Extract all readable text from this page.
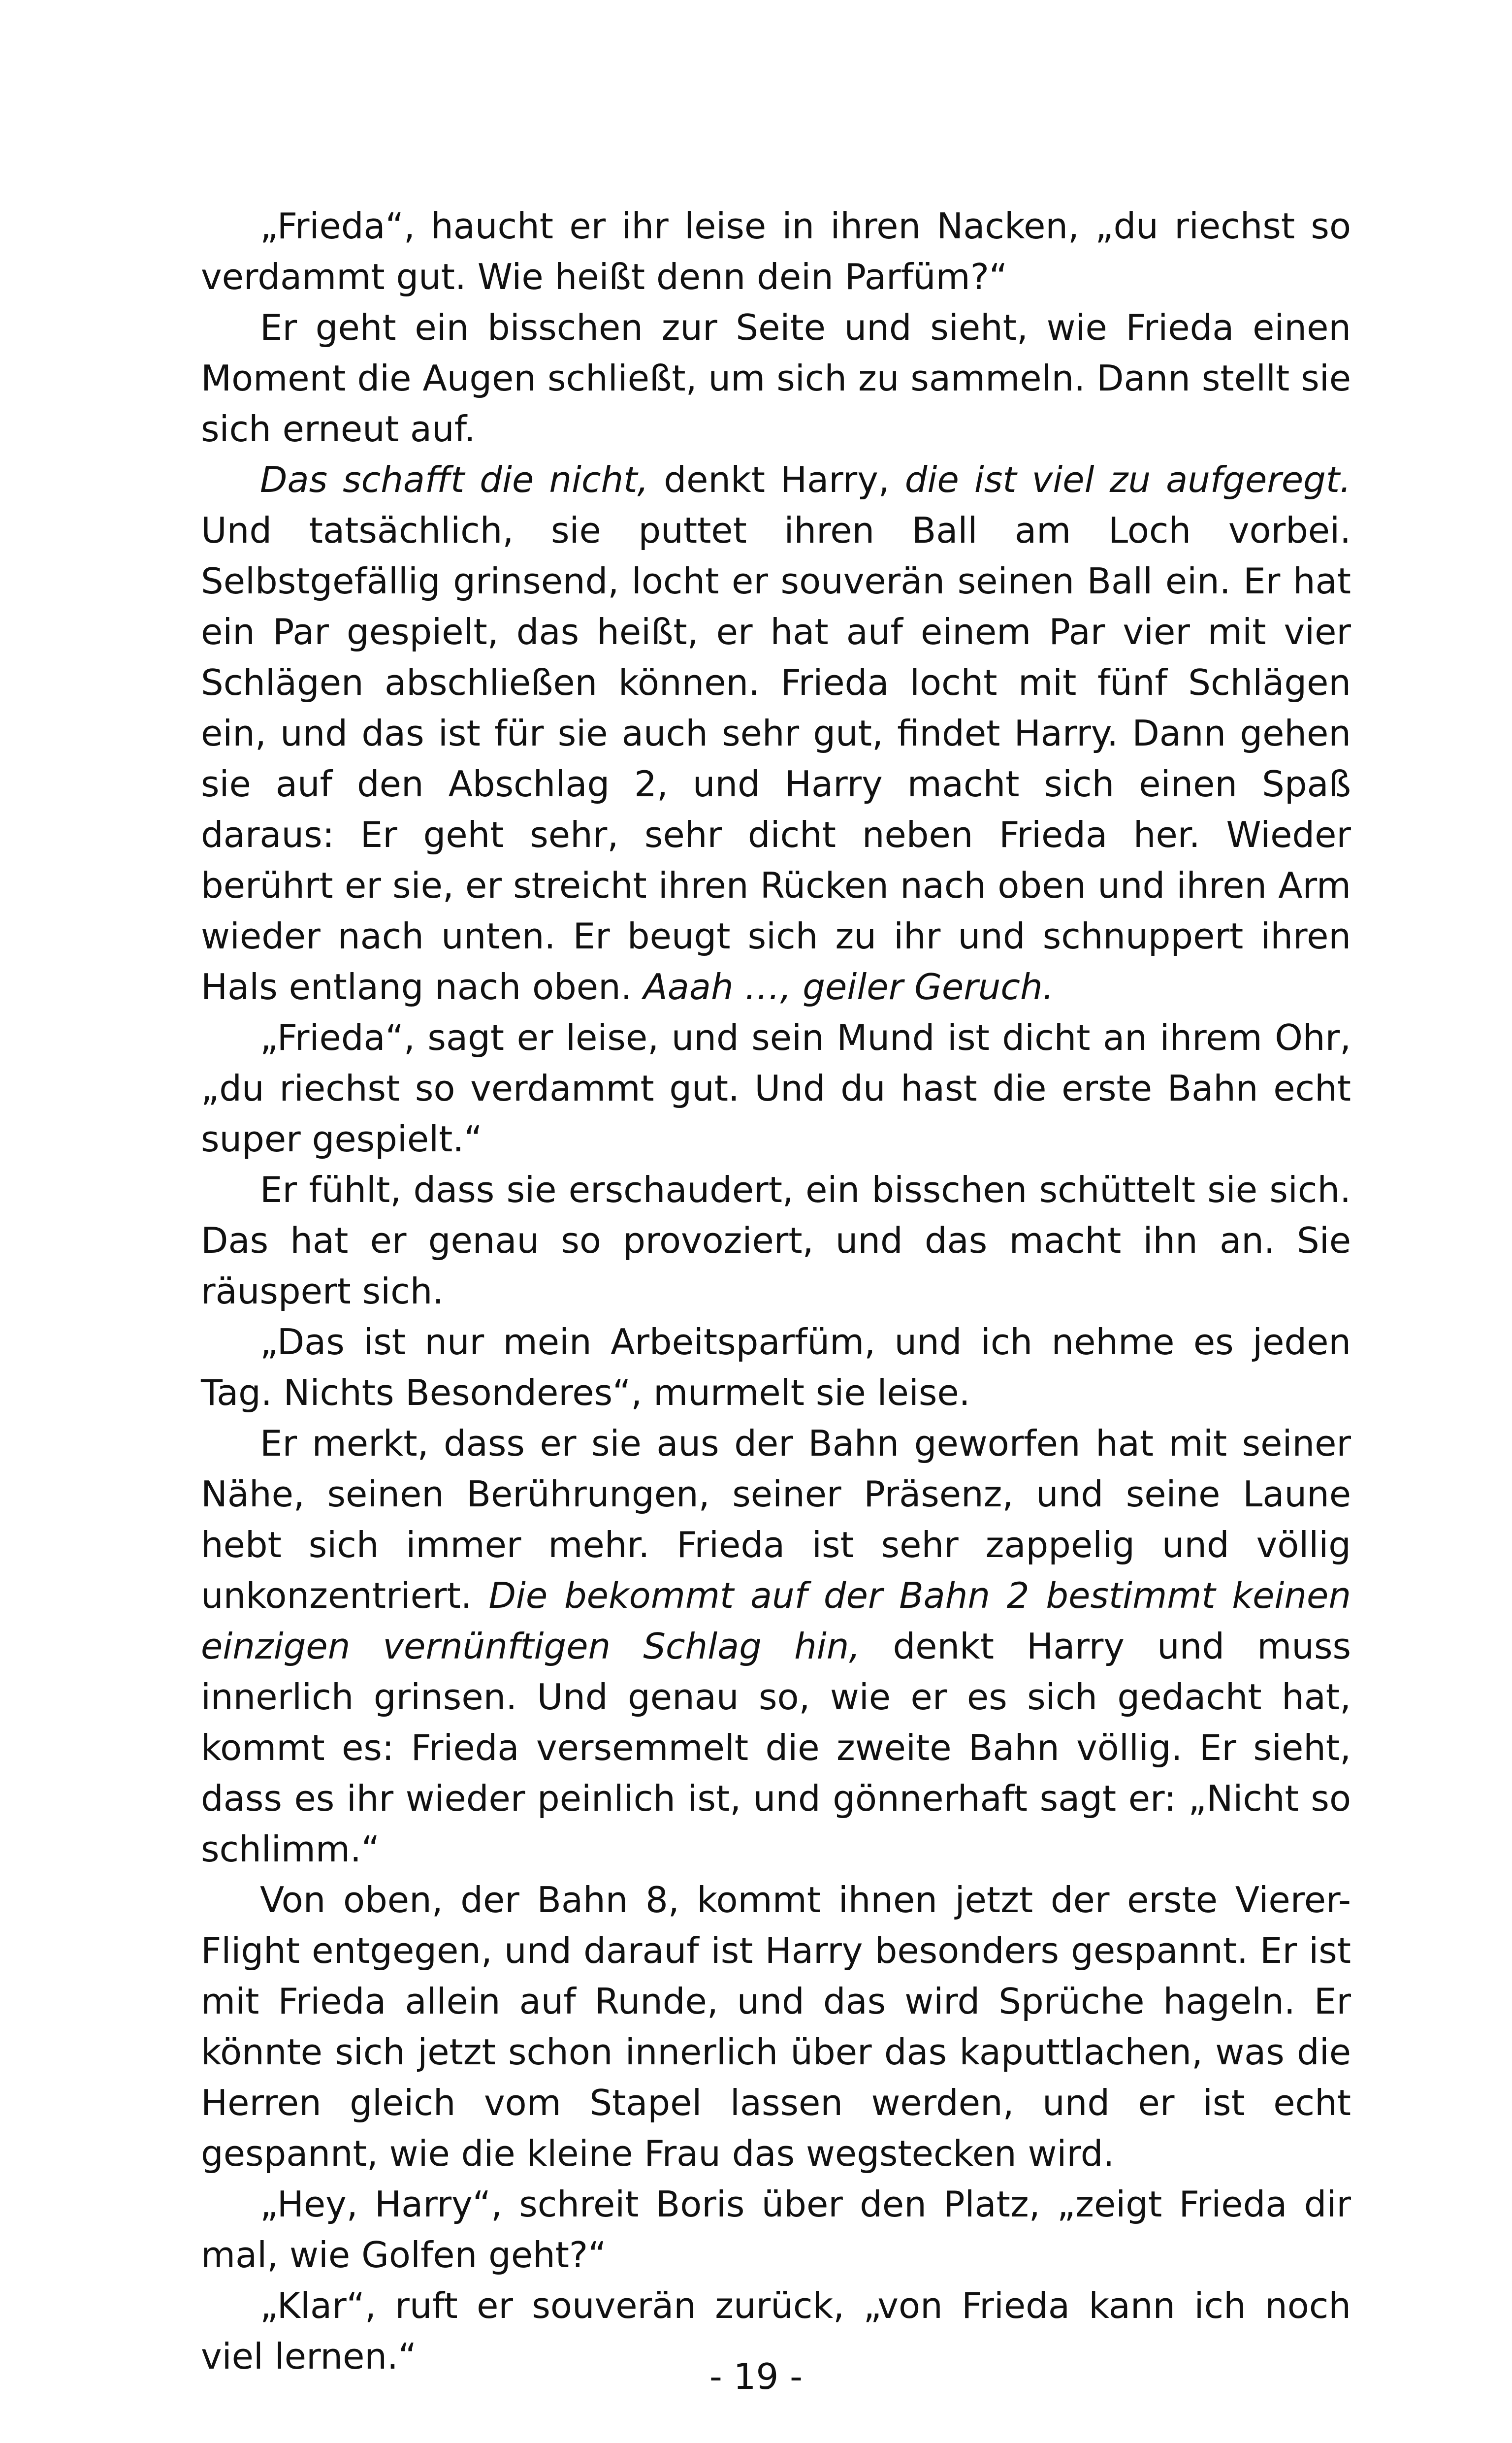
„Frieda“, haucht er ihr leise in ihren Nacken, „du riechst so verdammt gut. Wie heißt denn dein Parfüm?“

Er geht ein bisschen zur Seite und sieht, wie Frieda einen Moment die Augen schließt, um sich zu sammeln. Dann stellt sie sich erneut auf.

Das schafft die nicht, denkt Harry, die ist viel zu aufgeregt. Und tatsächlich, sie puttet ihren Ball am Loch vorbei. Selbstgefällig grinsend, locht er souverän seinen Ball ein. Er hat ein Par gespielt, das heißt, er hat auf einem Par vier mit vier Schlägen abschließen können. Frieda locht mit fünf Schlägen ein, und das ist für sie auch sehr gut, findet Harry. Dann gehen sie auf den Abschlag 2, und Harry macht sich einen Spaß daraus: Er geht sehr, sehr dicht neben Frieda her. Wieder berührt er sie, er streicht ihren Rücken nach oben und ihren Arm wieder nach unten. Er beugt sich zu ihr und schnuppert ihren Hals entlang nach oben. Aaah …, geiler Geruch.

„Frieda“, sagt er leise, und sein Mund ist dicht an ihrem Ohr, „du riechst so verdammt gut. Und du hast die erste Bahn echt super gespielt.“

Er fühlt, dass sie erschaudert, ein bisschen schüttelt sie sich. Das hat er genau so provoziert, und das macht ihn an. Sie räuspert sich.

„Das ist nur mein Arbeitsparfüm, und ich nehme es jeden Tag. Nichts Besonderes“, murmelt sie leise.

Er merkt, dass er sie aus der Bahn geworfen hat mit seiner Nähe, seinen Berührungen, seiner Präsenz, und seine Laune hebt sich immer mehr. Frieda ist sehr zappelig und völlig unkonzentriert. Die bekommt auf der Bahn 2 bestimmt keinen einzigen vernünftigen Schlag hin, denkt Harry und muss innerlich grinsen. Und genau so, wie er es sich gedacht hat, kommt es: Frieda versemmelt die zweite Bahn völlig. Er sieht, dass es ihr wieder peinlich ist, und gönnerhaft sagt er: „Nicht so schlimm.“

Von oben, der Bahn 8, kommt ihnen jetzt der erste Vierer-Flight entgegen, und darauf ist Harry besonders gespannt. Er ist mit Frieda allein auf Runde, und das wird Sprüche hageln. Er könnte sich jetzt schon innerlich über das kaputtlachen, was die Herren gleich vom Stapel lassen werden, und er ist echt gespannt, wie die kleine Frau das wegstecken wird.

„Hey, Harry“, schreit Boris über den Platz, „zeigt Frieda dir mal, wie Golfen geht?“

„Klar“, ruft er souverän zurück, „von Frieda kann ich noch viel lernen.“	- 19 -
